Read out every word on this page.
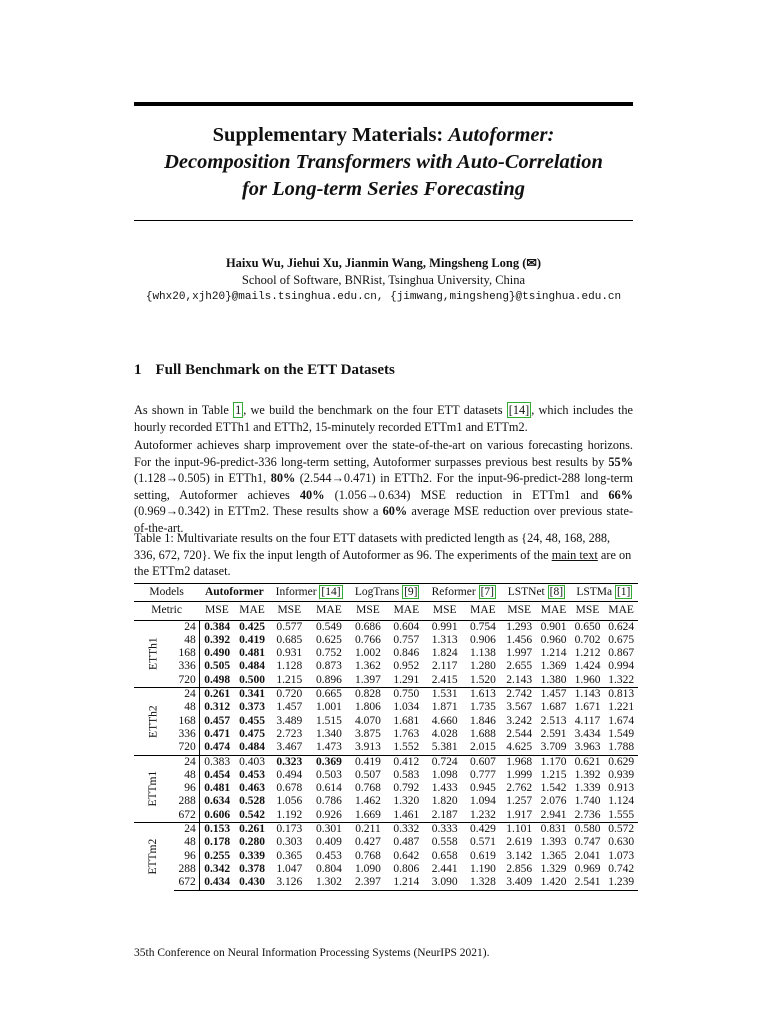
Supplementary Materials: Autoformer:
Decomposition Transformers with Auto-Correlation
for Long-term Series Forecasting
Haixu Wu, Jiehui Xu, Jianmin Wang, Mingsheng Long (✉)
School of Software, BNRist, Tsinghua University, China
{whx20,xjh20}@mails.tsinghua.edu.cn, {jimwang,mingsheng}@tsinghua.edu.cn
1 Full Benchmark on the ETT Datasets
As shown in Table 1 , we build the benchmark on the four ETT datasets [14] , which includes the hourly recorded ETTh1 and ETTh2, 15-minutely recorded ETTm1 and ETTm2.
Autoformer achieves sharp improvement over the state-of-the-art on various forecasting horizons. For the input-96-predict-336 long-term setting, Autoformer surpasses previous best results by 55% (1.128→0.505) in ETTh1, 80% (2.544→0.471) in ETTh2. For the input-96-predict-288 long-term setting, Autoformer achieves 40% (1.056→0.634) MSE reduction in ETTm1 and 66% (0.969→0.342) in ETTm2. These results show a 60% average MSE reduction over previous state-of-the-art.
Table 1: Multivariate results on the four ETT datasets with predicted length as {24, 48, 168, 288, 336, 672, 720}. We fix the input length of Autoformer as 96. The experiments of the main text are on the ETTm2 dataset.
Models		Autoformer		Informer [14]		LogTrans [9]		Reformer [7]		LSTNet [8]		LSTMa [1]	
Metric		MSE	MAE	MSE	MAE	MSE	MAE	MSE	MAE	MSE	MAE	MSE	MAE
ETTh1	24	0.384	0.425	0.577	0.549	0.686	0.604	0.991	0.754	1.293	0.901	0.650	0.624
	48	0.392	0.419	0.685	0.625	0.766	0.757	1.313	0.906	1.456	0.960	0.702	0.675
	168	0.490	0.481	0.931	0.752	1.002	0.846	1.824	1.138	1.997	1.214	1.212	0.867
	336	0.505	0.484	1.128	0.873	1.362	0.952	2.117	1.280	2.655	1.369	1.424	0.994
	720	0.498	0.500	1.215	0.896	1.397	1.291	2.415	1.520	2.143	1.380	1.960	1.322
ETTh2	24	0.261	0.341	0.720	0.665	0.828	0.750	1.531	1.613	2.742	1.457	1.143	0.813
	48	0.312	0.373	1.457	1.001	1.806	1.034	1.871	1.735	3.567	1.687	1.671	1.221
	168	0.457	0.455	3.489	1.515	4.070	1.681	4.660	1.846	3.242	2.513	4.117	1.674
	336	0.471	0.475	2.723	1.340	3.875	1.763	4.028	1.688	2.544	2.591	3.434	1.549
	720	0.474	0.484	3.467	1.473	3.913	1.552	5.381	2.015	4.625	3.709	3.963	1.788
ETTm1	24	0.383	0.403	0.323	0.369	0.419	0.412	0.724	0.607	1.968	1.170	0.621	0.629
	48	0.454	0.453	0.494	0.503	0.507	0.583	1.098	0.777	1.999	1.215	1.392	0.939
	96	0.481	0.463	0.678	0.614	0.768	0.792	1.433	0.945	2.762	1.542	1.339	0.913
	288	0.634	0.528	1.056	0.786	1.462	1.320	1.820	1.094	1.257	2.076	1.740	1.124
	672	0.606	0.542	1.192	0.926	1.669	1.461	2.187	1.232	1.917	2.941	2.736	1.555
ETTm2	24	0.153	0.261	0.173	0.301	0.211	0.332	0.333	0.429	1.101	0.831	0.580	0.572
	48	0.178	0.280	0.303	0.409	0.427	0.487	0.558	0.571	2.619	1.393	0.747	0.630
	96	0.255	0.339	0.365	0.453	0.768	0.642	0.658	0.619	3.142	1.365	2.041	1.073
	288	0.342	0.378	1.047	0.804	1.090	0.806	2.441	1.190	2.856	1.329	0.969	0.742
	672	0.434	0.430	3.126	1.302	2.397	1.214	3.090	1.328	3.409	1.420	2.541	1.239
35th Conference on Neural Information Processing Systems (NeurIPS 2021).
